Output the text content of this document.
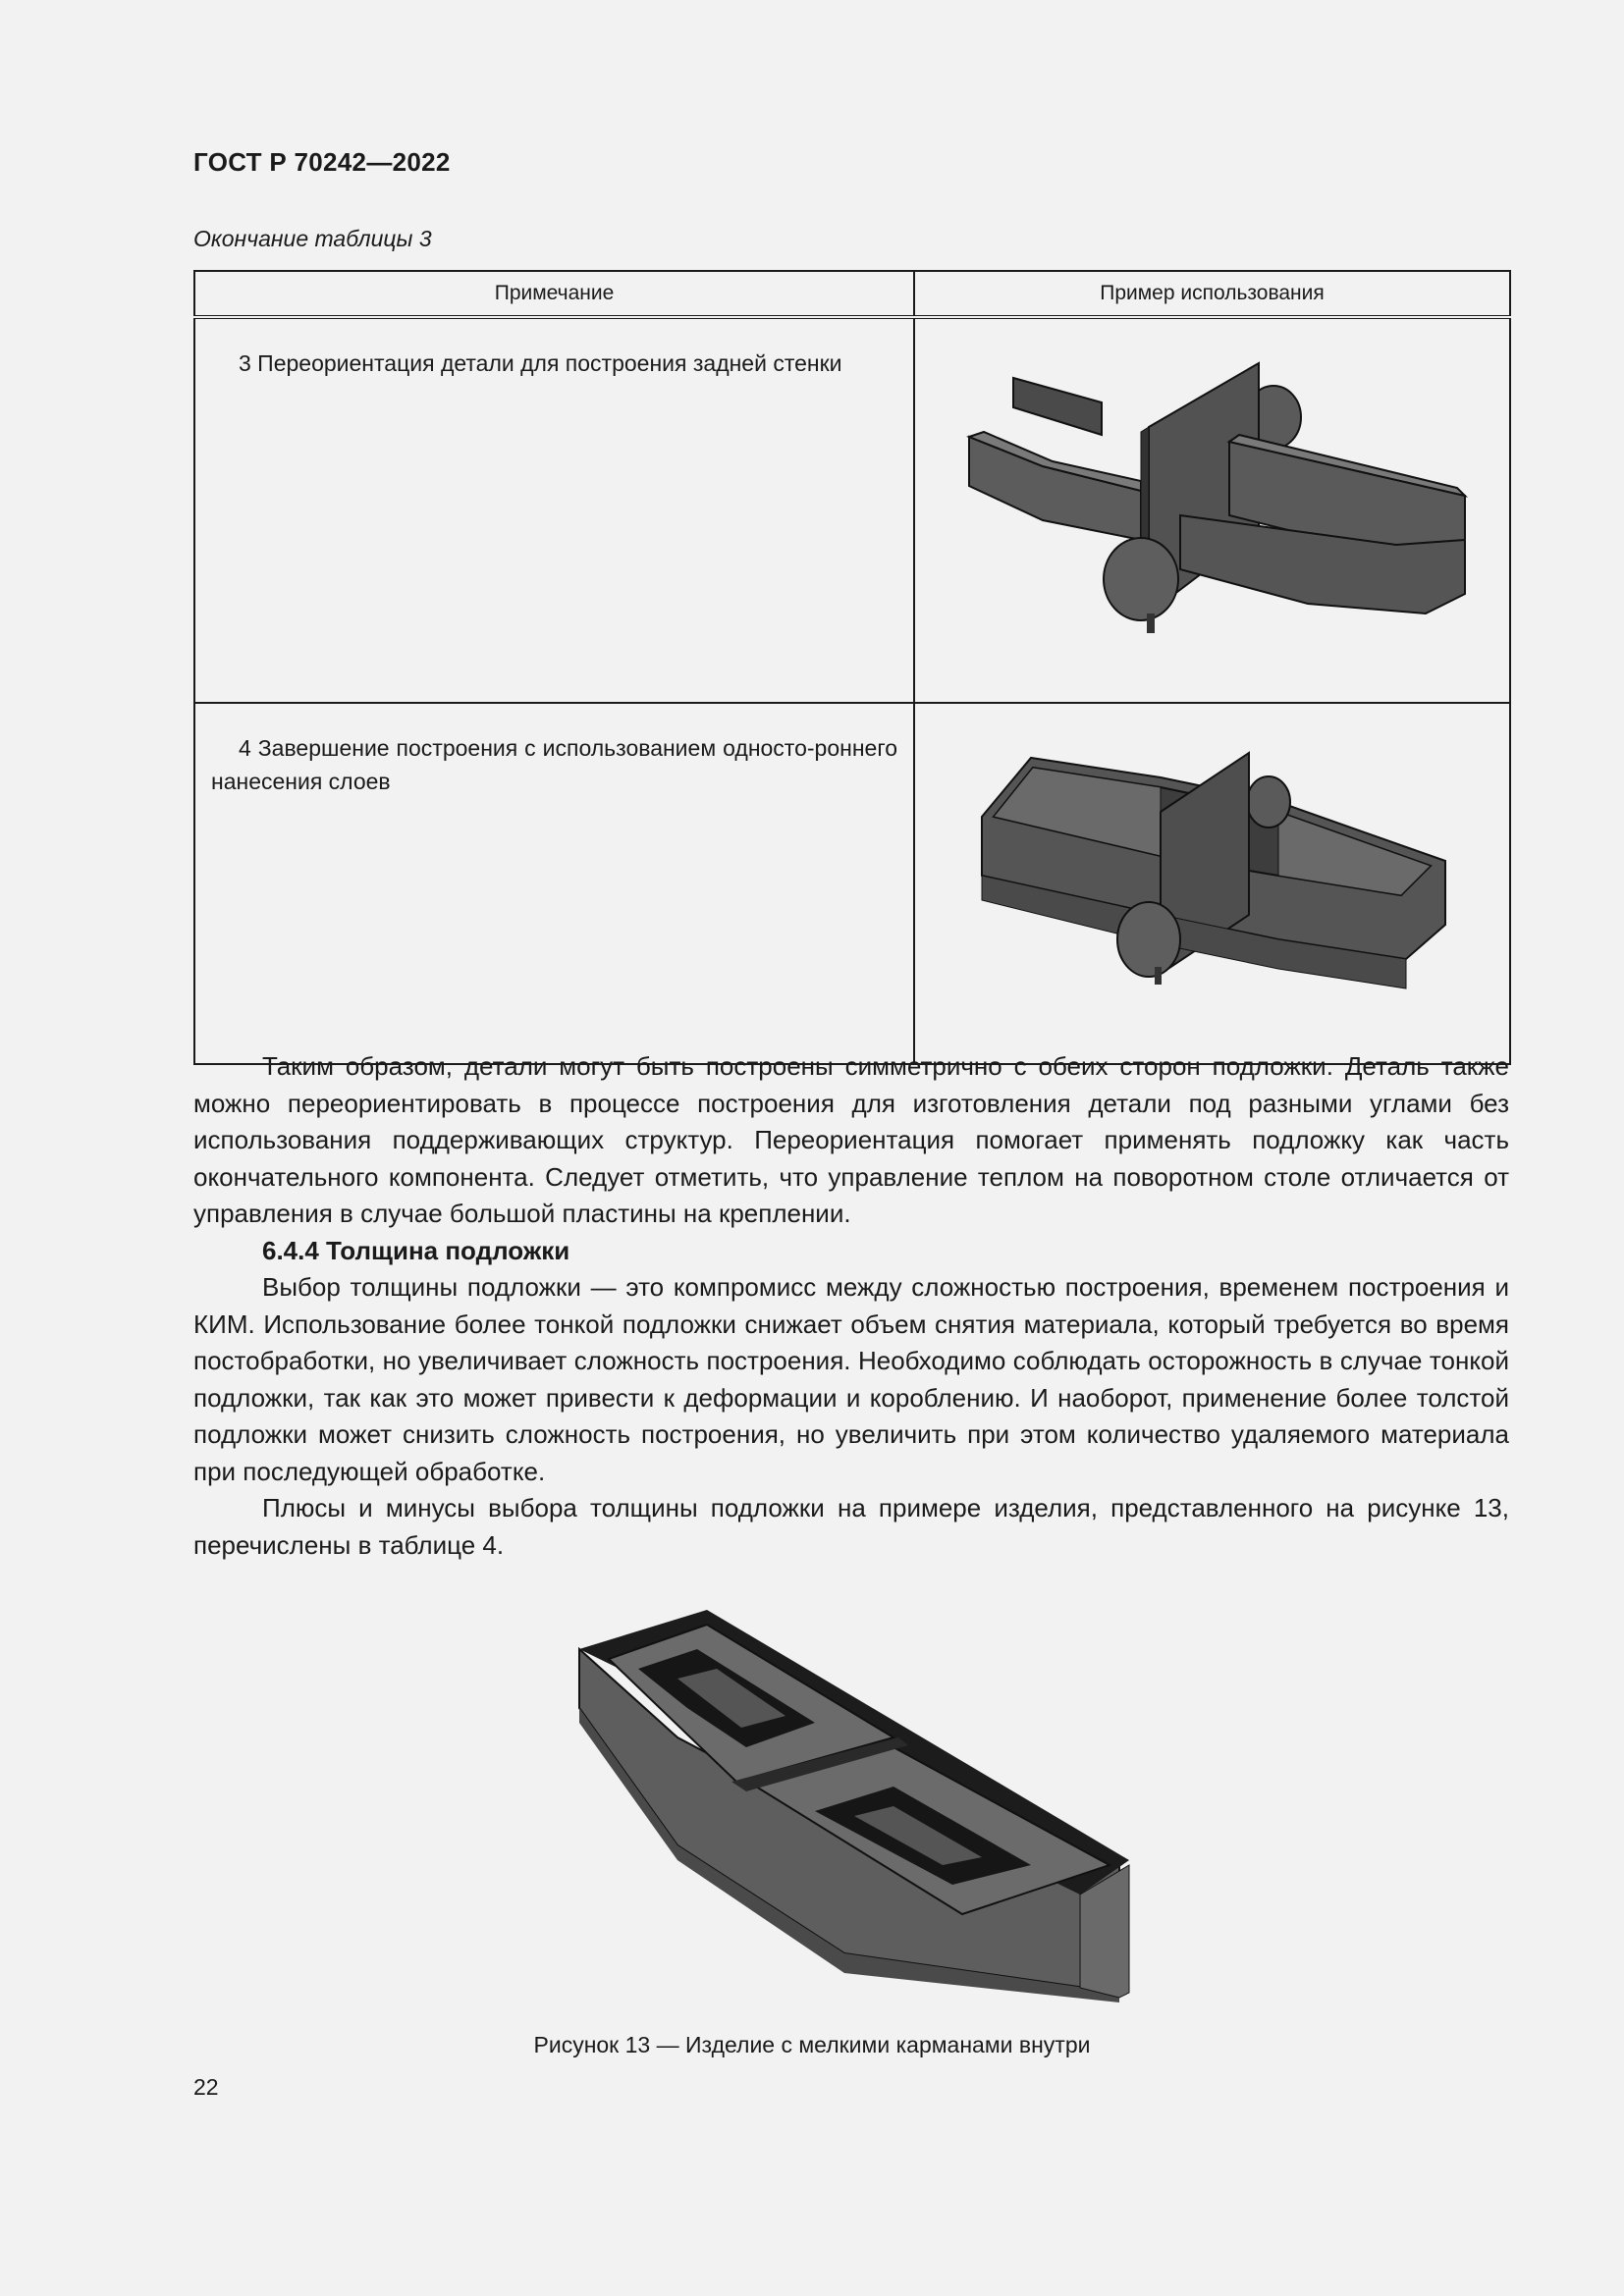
ГОСТ Р 70242—2022
Окончание таблицы 3
Примечание	Пример использования

3 Переориентация детали для построения задней стенки

4 Завершение построения с использованием односто-роннего нанесения слоев

Таким образом, детали могут быть построены симметрично с обеих сторон подложки. Деталь также можно переориентировать в процессе построения для изготовления детали под разными углами без использования поддерживающих структур. Переориентация помогает применять подложку как часть окончательного компонента. Следует отметить, что управление теплом на поворотном столе отличается от управления в случае большой пластины на креплении.

6.4.4 Толщина подложки

Выбор толщины подложки — это компромисс между сложностью построения, временем построения и КИМ. Использование более тонкой подложки снижает объем снятия материала, который требуется во время постобработки, но увеличивает сложность построения. Необходимо соблюдать осторожность в случае тонкой подложки, так как это может привести к деформации и короблению. И наоборот, применение более толстой подложки может снизить сложность построения, но увеличить при этом количество удаляемого материала при последующей обработке.

Плюсы и минусы выбора толщины подложки на примере изделия, представленного на рисунке 13, перечислены в таблице 4.

Рисунок 13 — Изделие с мелкими карманами внутри
22
